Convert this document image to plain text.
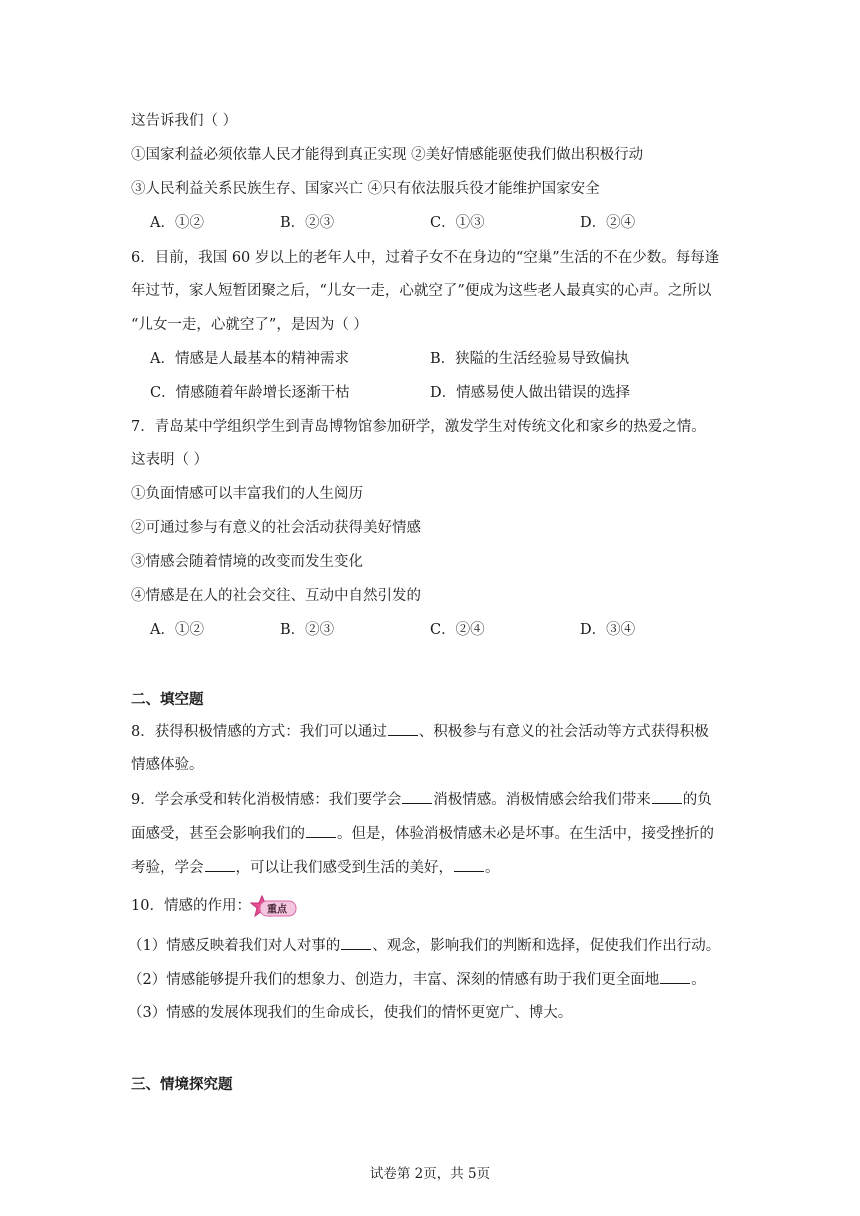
这告诉我们（ ）
①国家利益必须依靠人民才能得到真正实现 ②美好情感能驱使我们做出积极行动
③人民利益关系民族生存、国家兴亡 ④只有依法服兵役才能维护国家安全
A．①②	B．②③	C．①③	D．②④
6．目前，我国 60 岁以上的老年人中，过着子女不在身边的“空巢”生活的不在少数。每每逢
年过节，家人短暂团聚之后，“儿女一走，心就空了”便成为这些老人最真实的心声。之所以
“儿女一走，心就空了”，是因为（ ）
A．情感是人最基本的精神需求	B．狭隘的生活经验易导致偏执
C．情感随着年龄增长逐渐干枯	D．情感易使人做出错误的选择
7．青岛某中学组织学生到青岛博物馆参加研学，激发学生对传统文化和家乡的热爱之情。
这表明（ ）
①负面情感可以丰富我们的人生阅历
②可通过参与有意义的社会活动获得美好情感
③情感会随着情境的改变而发生变化
④情感是在人的社会交往、互动中自然引发的
A．①②	B．②③	C．②④	D．③④
二、填空题
8．获得积极情感的方式：我们可以通过 、积极参与有意义的社会活动等方式获得积极
情感体验。
9．学会承受和转化消极情感：我们要学会 消极情感。消极情感会给我们带来 的负
面感受，甚至会影响我们的 。但是，体验消极情感未必是坏事。在生活中，接受挫折的
考验，学会 ，可以让我们感受到生活的美好， 。
10．情感的作用： 重点
（1）情感反映着我们对人对事的 、观念，影响我们的判断和选择，促使我们作出行动。
（2）情感能够提升我们的想象力、创造力，丰富、深刻的情感有助于我们更全面地 。
（3）情感的发展体现我们的生命成长，使我们的情怀更宽广、博大。
三、情境探究题
试卷第 2页，共 5页
